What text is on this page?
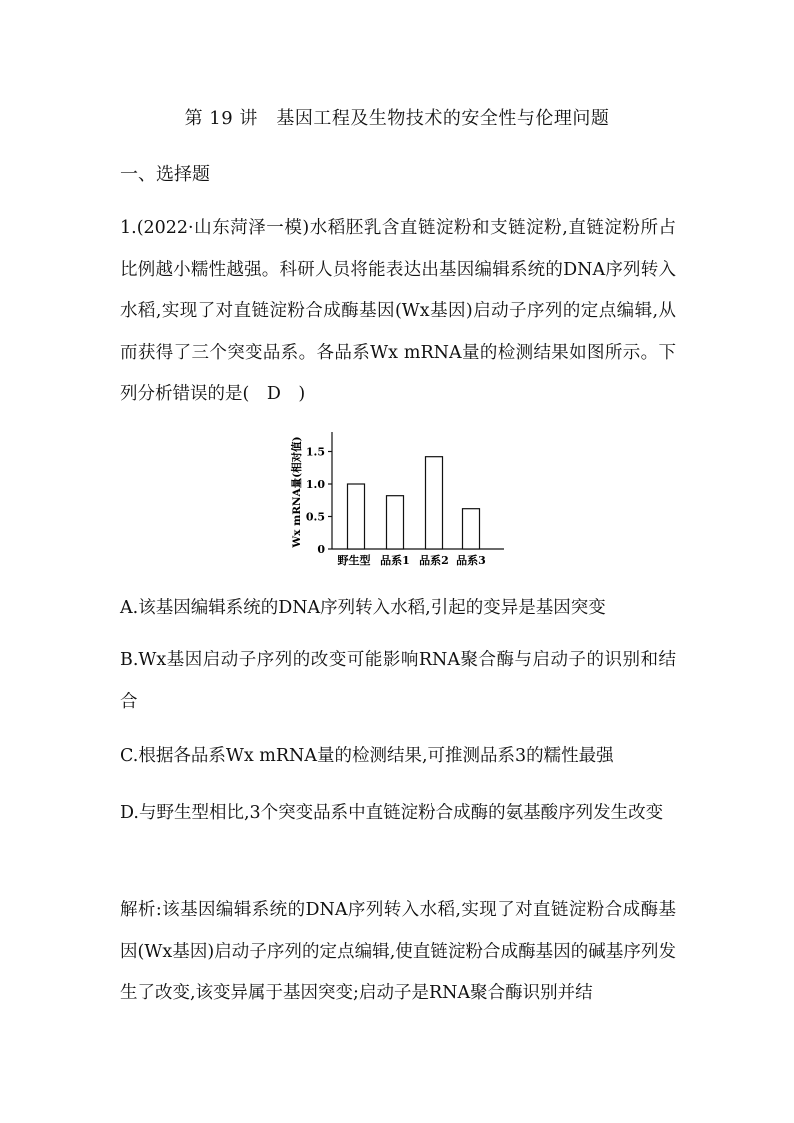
第 19 讲　基因工程及生物技术的安全性与伦理问题
一、选择题
1.(2022·山东菏泽一模)水稻胚乳含直链淀粉和支链淀粉,直链淀粉所占比例越小糯性越强。科研人员将能表达出基因编辑系统的DNA序列转入水稻,实现了对直链淀粉合成酶基因(Wx基因)启动子序列的定点编辑,从而获得了三个突变品系。各品系Wx mRNA量的检测结果如图所示。下列分析错误的是(　D　)
Wx mRNA量(相对值)
0
0.5
1.0
1.5
野生型 品系1 品系2 品系3
A.该基因编辑系统的DNA序列转入水稻,引起的变异是基因突变
B.Wx基因启动子序列的改变可能影响RNA聚合酶与启动子的识别和结合
C.根据各品系Wx mRNA量的检测结果,可推测品系3的糯性最强
D.与野生型相比,3个突变品系中直链淀粉合成酶的氨基酸序列发生改变
解析:该基因编辑系统的DNA序列转入水稻,实现了对直链淀粉合成酶基因(Wx基因)启动子序列的定点编辑,使直链淀粉合成酶基因的碱基序列发生了改变,该变异属于基因突变;启动子是RNA聚合酶识别并结
